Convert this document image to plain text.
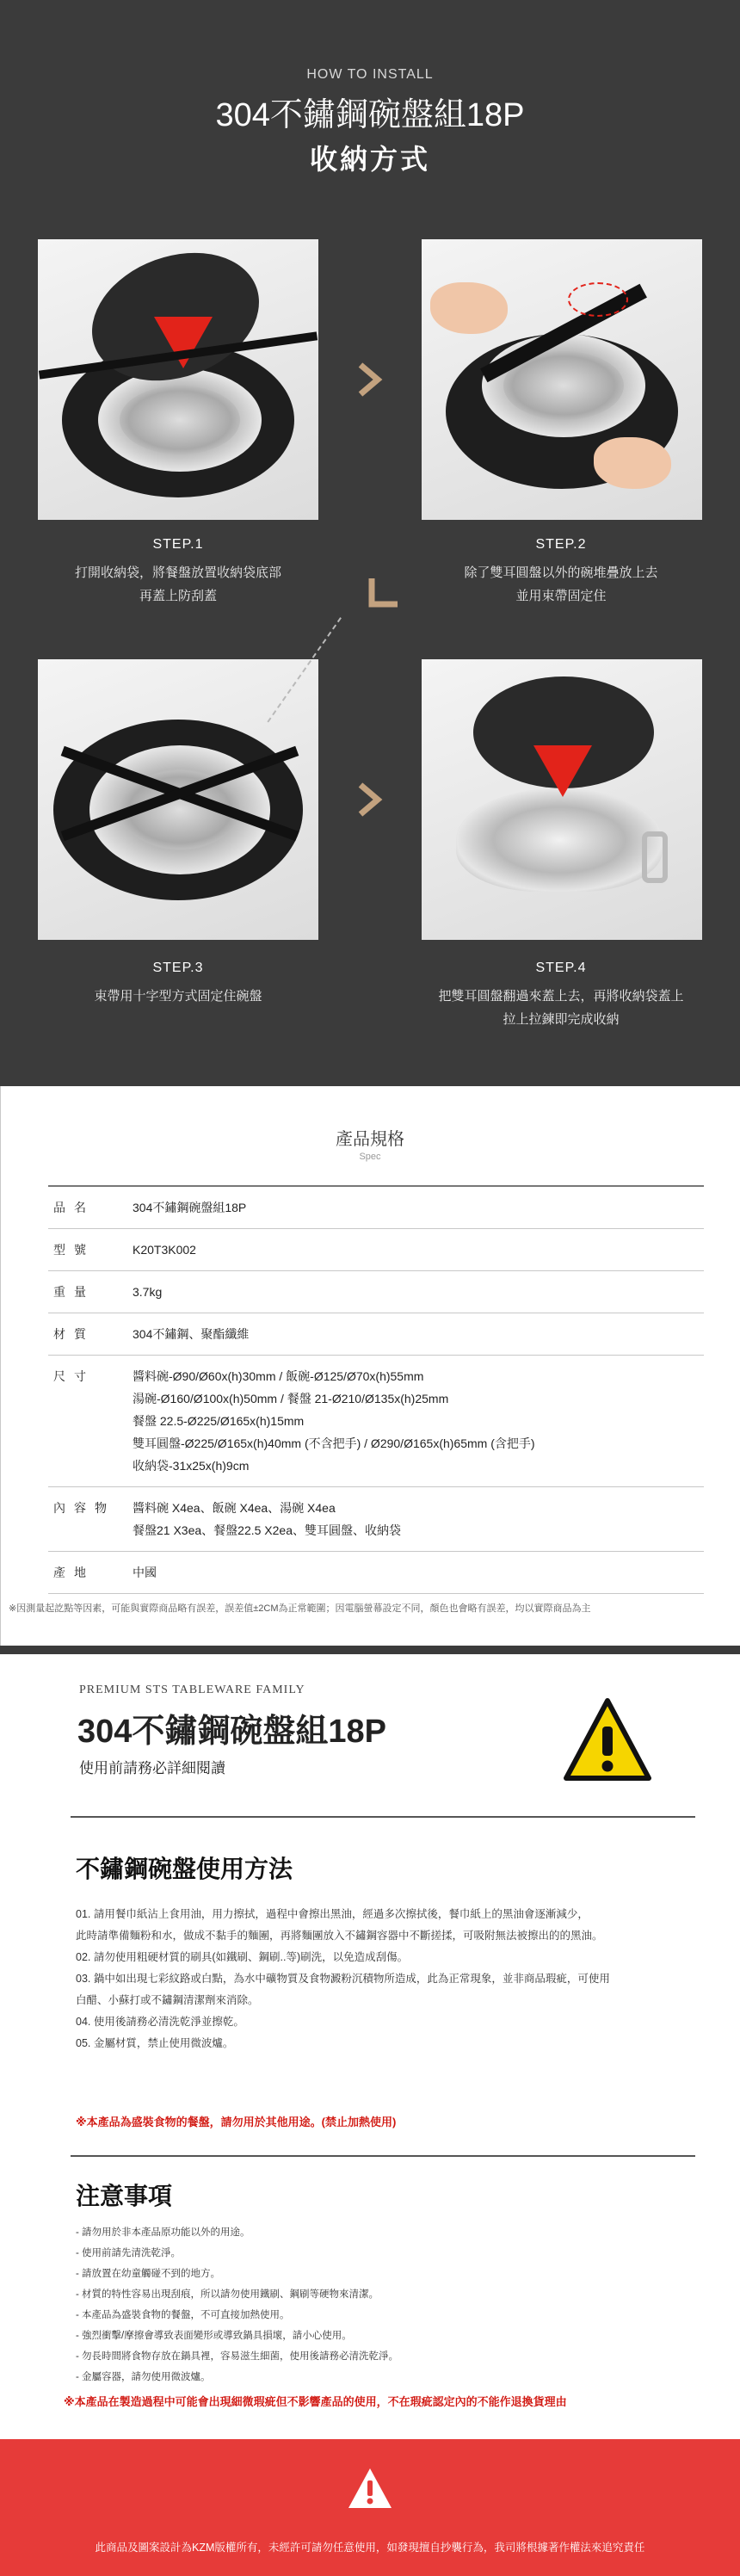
HOW TO INSTALL
304不鏽鋼碗盤組18P
收納方式
STEP.1
打開收納袋，將餐盤放置收納袋底部
再蓋上防刮蓋
STEP.2
除了雙耳圓盤以外的碗堆疊放上去
並用束帶固定住
STEP.3
束帶用十字型方式固定住碗盤
STEP.4
把雙耳圓盤翻過來蓋上去，再將收納袋蓋上
拉上拉鍊即完成收納
產品規格
Spec
品名	304不鏽鋼碗盤組18P

型號	K20T3K002

重量	3.7kg

材質	304不鏽鋼、聚酯纖維

尺寸	醬料碗-Ø90/Ø60x(h)30mm / 飯碗-Ø125/Ø70x(h)55mm
湯碗-Ø160/Ø100x(h)50mm / 餐盤 21-Ø210/Ø135x(h)25mm
餐盤 22.5-Ø225/Ø165x(h)15mm
雙耳圓盤-Ø225/Ø165x(h)40mm (不含把手) / Ø290/Ø165x(h)65mm (含把手)
收納袋-31x25x(h)9cm

內容物	醬料碗 X4ea、飯碗 X4ea、湯碗 X4ea
餐盤21 X3ea、餐盤22.5 X2ea、雙耳圓盤、收納袋

產地	中國
※因測量起訖點等因素，可能與實際商品略有誤差，誤差值±2CM為正常範圍；因電腦螢幕設定不同，顏色也會略有誤差，均以實際商品為主
PREMIUM STS TABLEWARE FAMILY
304不鏽鋼碗盤組18P
使用前請務必詳細閱讀
不鏽鋼碗盤使用方法
01. 請用餐巾紙沾上食用油，用力擦拭，過程中會擦出黑油，經過多次擦拭後，餐巾紙上的黑油會逐漸減少，
此時請準備麵粉和水，做成不黏手的麵團，再將麵團放入不鏽鋼容器中不斷搓揉，可吸附無法被擦出的的黑油。
02. 請勿使用粗硬材質的刷具(如鐵刷、鋼刷..等)刷洗，以免造成刮傷。
03. 鍋中如出現七彩紋路或白點，為水中礦物質及食物澱粉沉積物所造成，此為正常現象，並非商品瑕疵，可使用
白醋、小蘇打或不鏽鋼清潔劑來消除。
04. 使用後請務必清洗乾淨並擦乾。
05. 金屬材質，禁止使用微波爐。
※本產品為盛裝食物的餐盤，請勿用於其他用途。(禁止加熱使用)
注意事項
- 請勿用於非本產品原功能以外的用途。
- 使用前請先清洗乾淨。
- 請放置在幼童觸碰不到的地方。
- 材質的特性容易出現刮痕，所以請勿使用鐵刷、鋼刷等硬物來清潔。
- 本產品為盛裝食物的餐盤，不可直接加熱使用。
- 強烈衝擊/摩擦會導致表面變形或導致鍋具損壞，請小心使用。
- 勿長時間將食物存放在鍋具裡，容易滋生細菌，使用後請務必清洗乾淨。
- 金屬容器，請勿使用微波爐。
※本產品在製造過程中可能會出現細微瑕疵但不影響產品的使用，不在瑕疵認定內的不能作退換貨理由
此商品及圖案設計為KZM版權所有，未經許可請勿任意使用，如發現擅自抄襲行為，我司將根據著作權法來追究責任
